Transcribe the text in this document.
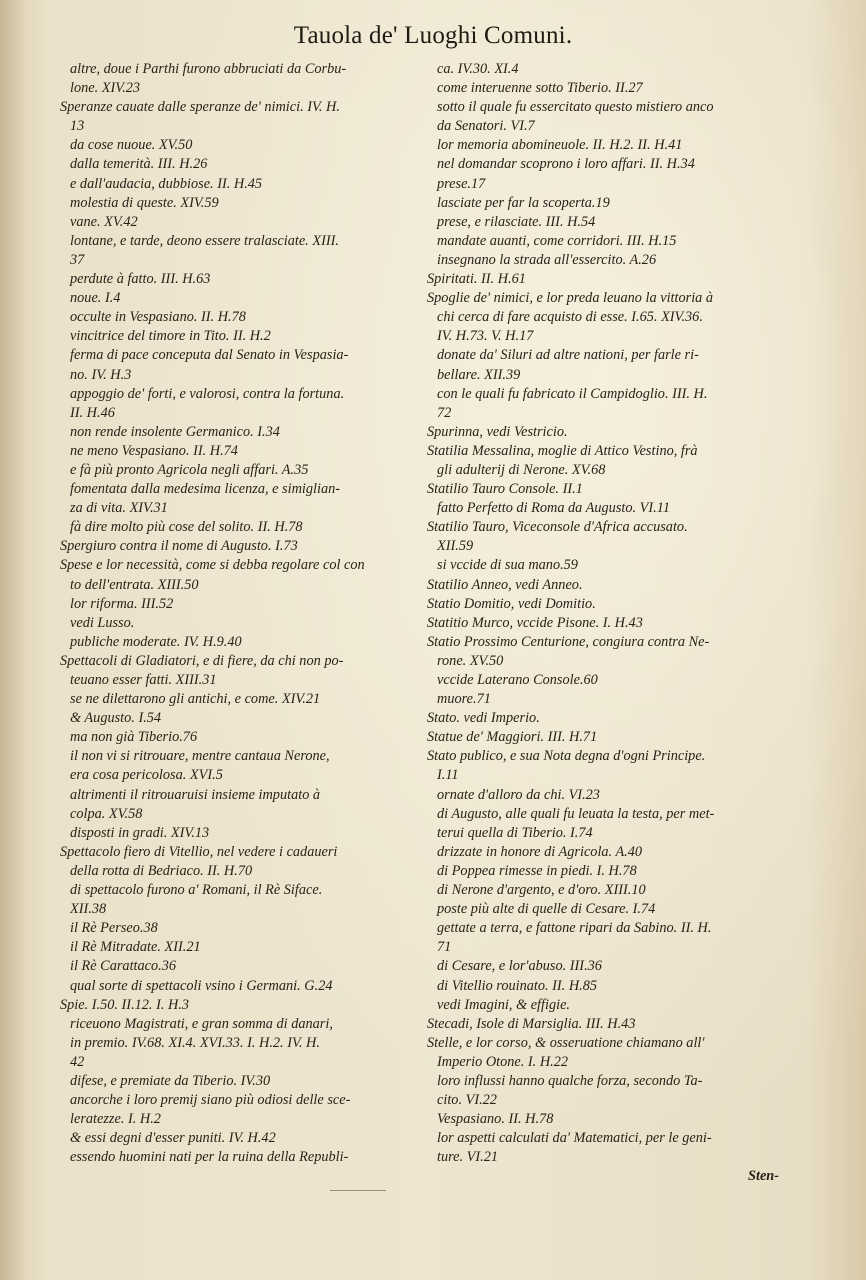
Tauola de' Luoghi Comuni.
altre, doue i Parthi furono abbruciati da Corbu-
lone. XIV.23
Speranze cauate dalle speranze de' nimici. IV. H.
13
da cose nuoue. XV.50
dalla temerità. III. H.26
e dall'audacia, dubbiose. II. H.45
molestia di queste. XIV.59
vane. XV.42
lontane, e tarde, deono essere tralasciate. XIII.
37
perdute à fatto. III. H.63
noue. I.4
occulte in Vespasiano. II. H.78
vincitrice del timore in Tito. II. H.2
ferma di pace conceputa dal Senato in Vespasia-
no. IV. H.3
appoggio de' forti, e valorosi, contra la fortuna.
II. H.46
non rende insolente Germanico. I.34
ne meno Vespasiano. II. H.74
e fà più pronto Agricola negli affari. A.35
fomentata dalla medesima licenza, e simiglian-
za di vita. XIV.31
fà dire molto più cose del solito. II. H.78
Spergiuro contra il nome di Augusto. I.73
Spese e lor necessità, come si debba regolare col con
to dell'entrata. XIII.50
lor riforma. III.52
vedi Lusso.
publiche moderate. IV. H.9.40
Spettacoli di Gladiatori, e di fiere, da chi non po-
teuano esser fatti. XIII.31
se ne dilettarono gli antichi, e come. XIV.21
& Augusto. I.54
ma non già Tiberio.76
il non vi si ritrouare, mentre cantaua Nerone,
era cosa pericolosa. XVI.5
altrimenti il ritrouaruisi insieme imputato à
colpa. XV.58
disposti in gradi. XIV.13
Spettacolo fiero di Vitellio, nel vedere i cadaueri
della rotta di Bedriaco. II. H.70
di spettacolo furono a' Romani, il Rè Siface.
XII.38
il Rè Perseo.38
il Rè Mitradate. XII.21
il Rè Carattaco.36
qual sorte di spettacoli vsino i Germani. G.24
Spie. I.50. II.12. I. H.3
riceuono Magistrati, e gran somma di danari,
in premio. IV.68. XI.4. XVI.33. I. H.2. IV. H.
42
difese, e premiate da Tiberio. IV.30
ancorche i loro premij siano più odiosi delle sce-
leratezze. I. H.2
& essi degni d'esser puniti. IV. H.42
essendo huomini nati per la ruina della Republi-
ca. IV.30. XI.4
come interuenne sotto Tiberio. II.27
sotto il quale fu essercitato questo mistiero anco
da Senatori. VI.7
lor memoria abomineuole. II. H.2. II. H.41
nel domandar scoprono i loro affari. II. H.34
prese.17
lasciate per far la scoperta.19
prese, e rilasciate. III. H.54
mandate auanti, come corridori. III. H.15
insegnano la strada all'essercito. A.26
Spiritati. II. H.61
Spoglie de' nimici, e lor preda leuano la vittoria à
chi cerca di fare acquisto di esse. I.65. XIV.36.
IV. H.73. V. H.17
donate da' Siluri ad altre nationi, per farle ri-
bellare. XII.39
con le quali fu fabricato il Campidoglio. III. H.
72
Spurinna, vedi Vestricio.
Statilia Messalina, moglie di Attico Vestino, frà
gli adulterij di Nerone. XV.68
Statilio Tauro Console. II.1
fatto Perfetto di Roma da Augusto. VI.11
Statilio Tauro, Viceconsole d'Africa accusato.
XII.59
si vccide di sua mano.59
Statilio Anneo, vedi Anneo.
Statio Domitio, vedi Domitio.
Statitio Murco, vccide Pisone. I. H.43
Statio Prossimo Centurione, congiura contra Ne-
rone. XV.50
vccide Laterano Console.60
muore.71
Stato. vedi Imperio.
Statue de' Maggiori. III. H.71
Stato publico, e sua Nota degna d'ogni Principe.
I.11
ornate d'alloro da chi. VI.23
di Augusto, alle quali fu leuata la testa, per met-
terui quella di Tiberio. I.74
drizzate in honore di Agricola. A.40
di Poppea rimesse in piedi. I. H.78
di Nerone d'argento, e d'oro. XIII.10
poste più alte di quelle di Cesare. I.74
gettate a terra, e fattone ripari da Sabino. II. H.
71
di Cesare, e lor'abuso. III.36
di Vitellio rouinato. II. H.85
vedi Imagini, & effigie.
Stecadi, Isole di Marsiglia. III. H.43
Stelle, e lor corso, & osseruatione chiamano all'
Imperio Otone. I. H.22
loro influssi hanno qualche forza, secondo Ta-
cito. VI.22
Vespasiano. II. H.78
lor aspetti calculati da' Matematici, per le geni-
ture. VI.21
Sten-
